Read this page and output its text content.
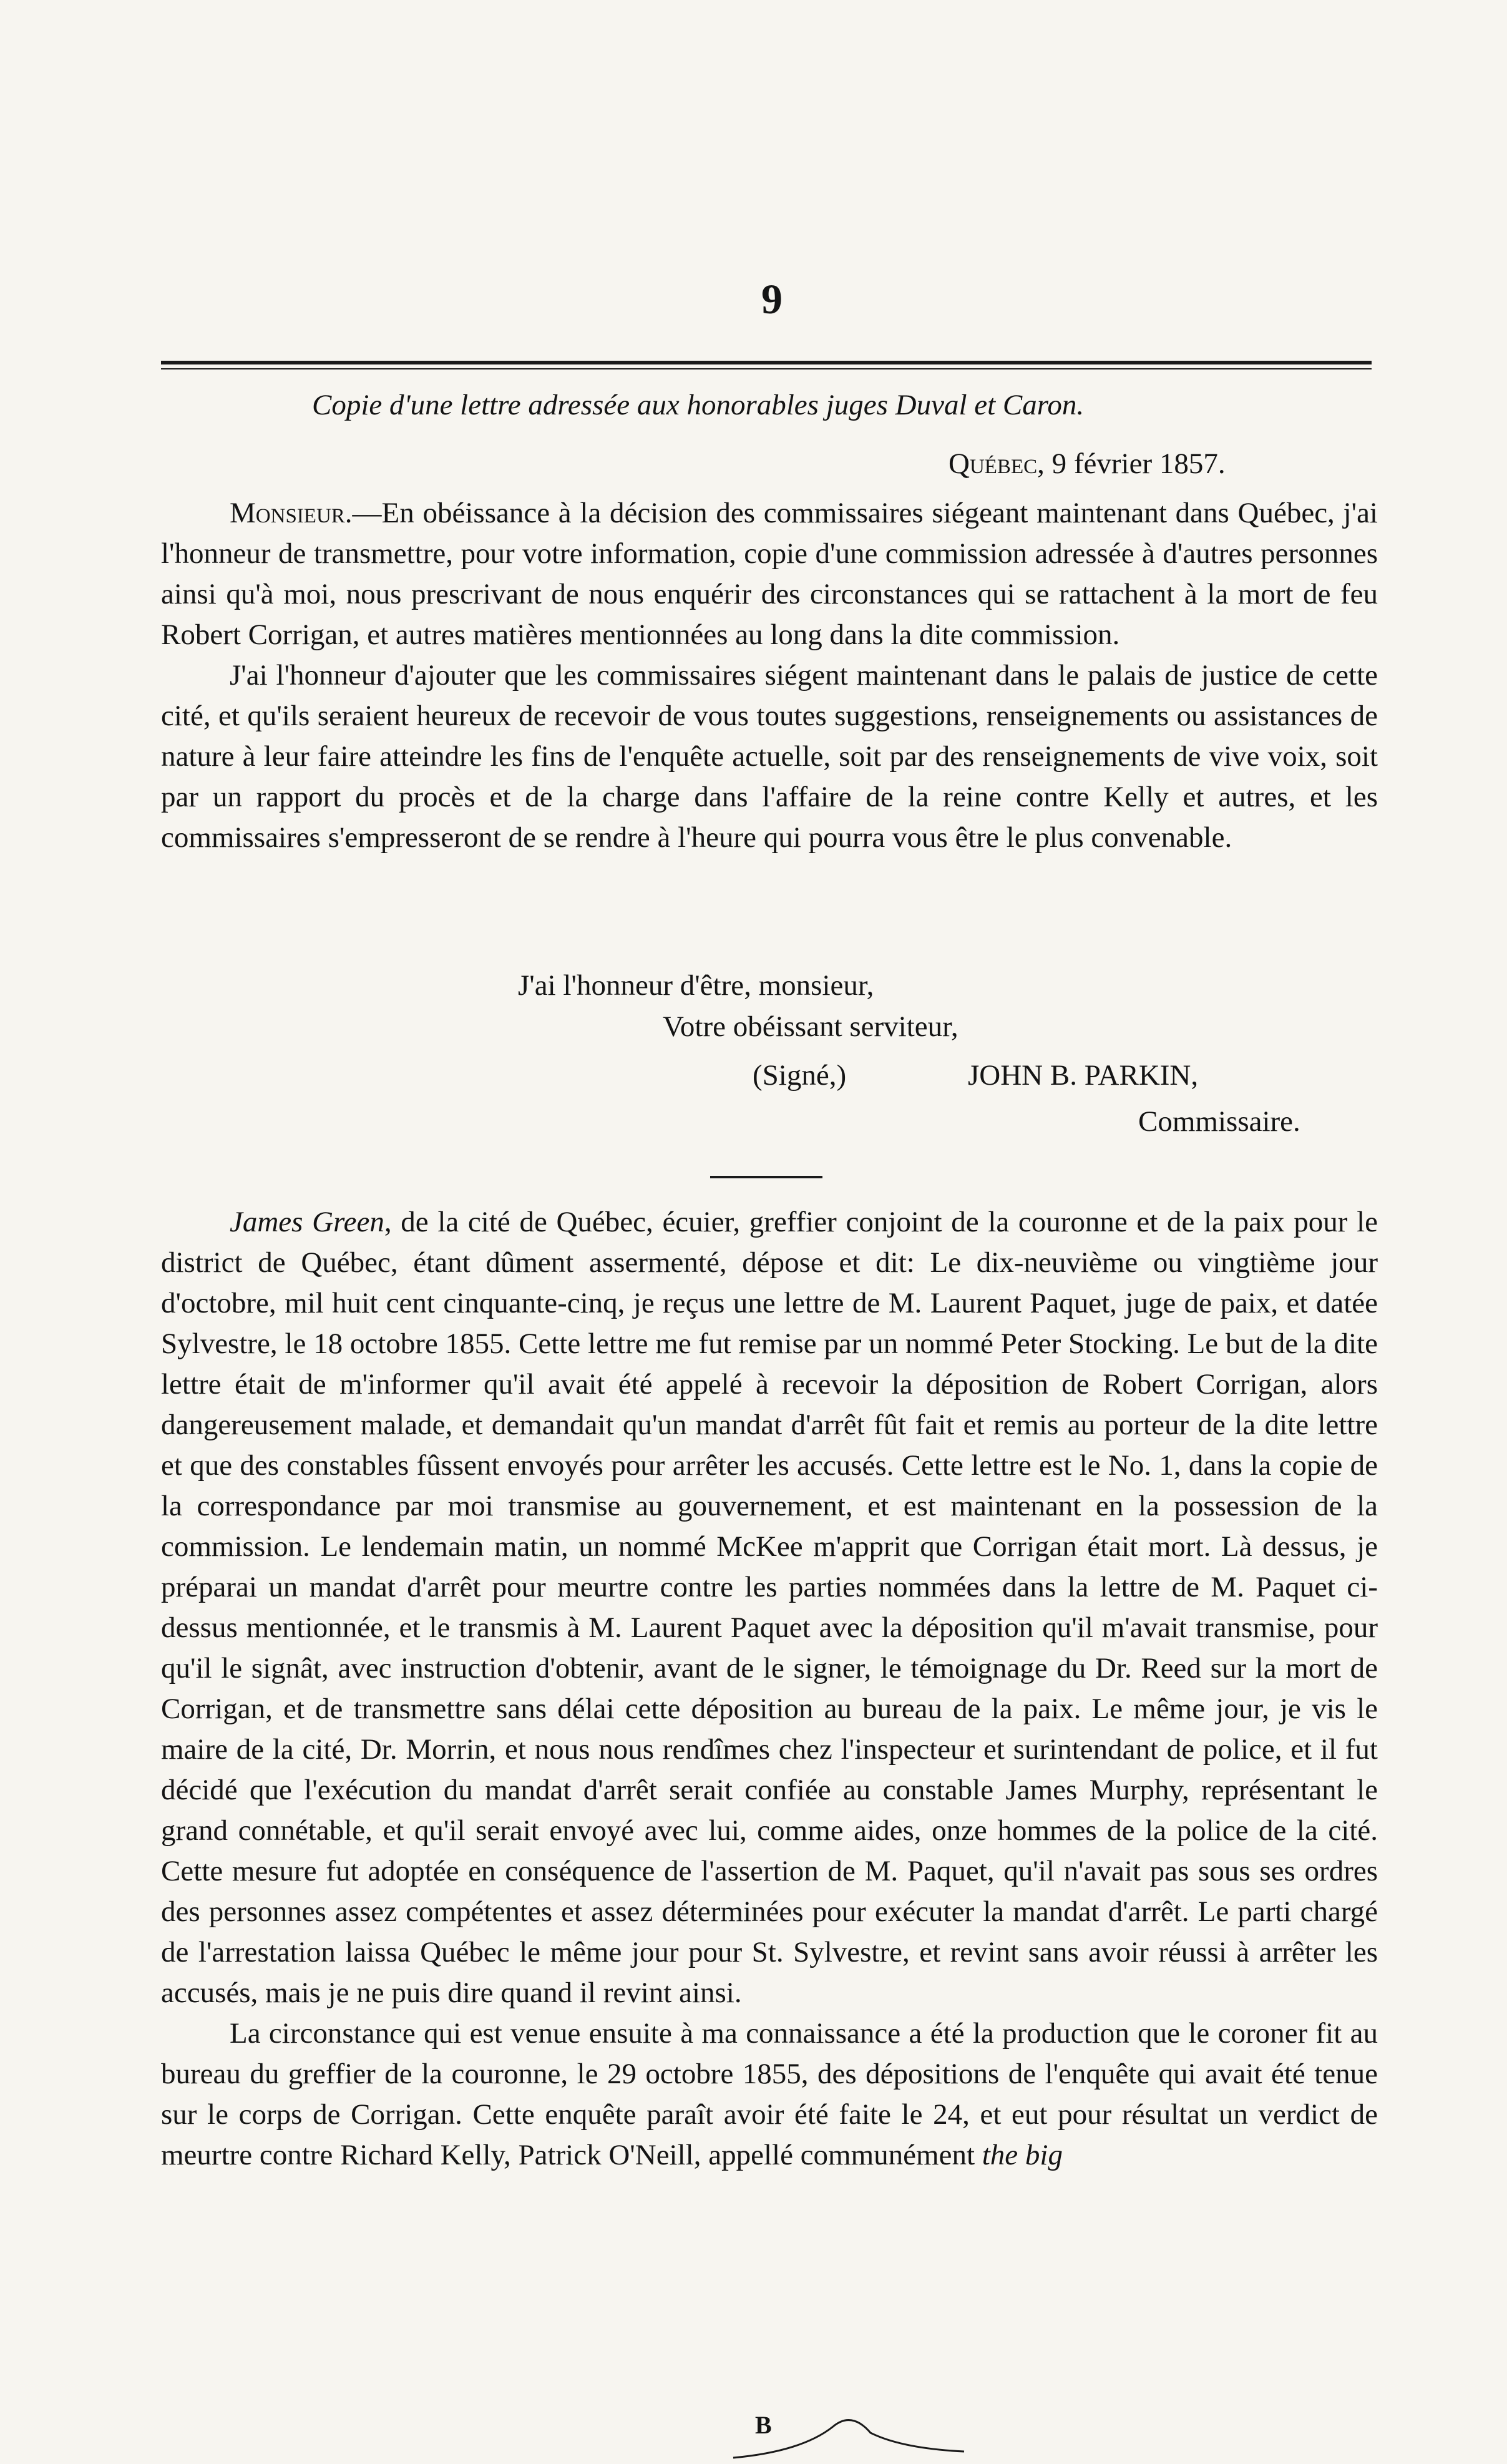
9
Copie d'une lettre adressée aux honorables juges Duval et Caron.
Québec, 9 février 1857.

Monsieur.—En obéissance à la décision des commissaires siégeant maintenant dans Québec, j'ai l'honneur de transmettre, pour votre information, copie d'une commission adressée à d'autres personnes ainsi qu'à moi, nous prescrivant de nous enquérir des circonstances qui se rattachent à la mort de feu Robert Corrigan, et autres matières mentionnées au long dans la dite commission.

J'ai l'honneur d'ajouter que les commissaires siégent maintenant dans le palais de justice de cette cité, et qu'ils seraient heureux de recevoir de vous toutes suggestions, renseignements ou assistances de nature à leur faire atteindre les fins de l'enquête actuelle, soit par des renseignements de vive voix, soit par un rapport du procès et de la charge dans l'affaire de la reine contre Kelly et autres, et les commissaires s'empresseront de se rendre à l'heure qui pourra vous être le plus convenable.

J'ai l'honneur d'être, monsieur,
Votre obéissant serviteur,
(Signé,)	JOHN B. PARKIN,
Commissaire.

James Green, de la cité de Québec, écuier, greffier conjoint de la couronne et de la paix pour le district de Québec, étant dûment assermenté, dépose et dit: Le dix-neuvième ou vingtième jour d'octobre, mil huit cent cinquante-cinq, je reçus une lettre de M. Laurent Paquet, juge de paix, et datée Sylvestre, le 18 octobre 1855. Cette lettre me fut remise par un nommé Peter Stocking. Le but de la dite lettre était de m'informer qu'il avait été appelé à recevoir la déposition de Robert Corrigan, alors dangereusement malade, et demandait qu'un mandat d'arrêt fût fait et remis au porteur de la dite lettre et que des constables fûssent envoyés pour arrêter les accusés. Cette lettre est le No. 1, dans la copie de la correspondance par moi transmise au gouvernement, et est maintenant en la possession de la commission. Le lendemain matin, un nommé McKee m'apprit que Corrigan était mort. Là dessus, je préparai un mandat d'arrêt pour meurtre contre les parties nommées dans la lettre de M. Paquet ci-dessus mentionnée, et le transmis à M. Laurent Paquet avec la déposition qu'il m'avait transmise, pour qu'il le signât, avec instruction d'obtenir, avant de le signer, le témoignage du Dr. Reed sur la mort de Corrigan, et de transmettre sans délai cette déposition au bureau de la paix. Le même jour, je vis le maire de la cité, Dr. Morrin, et nous nous rendîmes chez l'inspecteur et surintendant de police, et il fut décidé que l'exécution du mandat d'arrêt serait confiée au constable James Murphy, représentant le grand connétable, et qu'il serait envoyé avec lui, comme aides, onze hommes de la police de la cité. Cette mesure fut adoptée en conséquence de l'assertion de M. Paquet, qu'il n'avait pas sous ses ordres des personnes assez compétentes et assez déterminées pour exécuter la mandat d'arrêt. Le parti chargé de l'arrestation laissa Québec le même jour pour St. Sylvestre, et revint sans avoir réussi à arrêter les accusés, mais je ne puis dire quand il revint ainsi.

La circonstance qui est venue ensuite à ma connaissance a été la production que le coroner fit au bureau du greffier de la couronne, le 29 octobre 1855, des dépositions de l'enquête qui avait été tenue sur le corps de Corrigan. Cette enquête paraît avoir été faite le 24, et eut pour résultat un verdict de meurtre contre Richard Kelly, Patrick O'Neill, appellé communément the big

B
